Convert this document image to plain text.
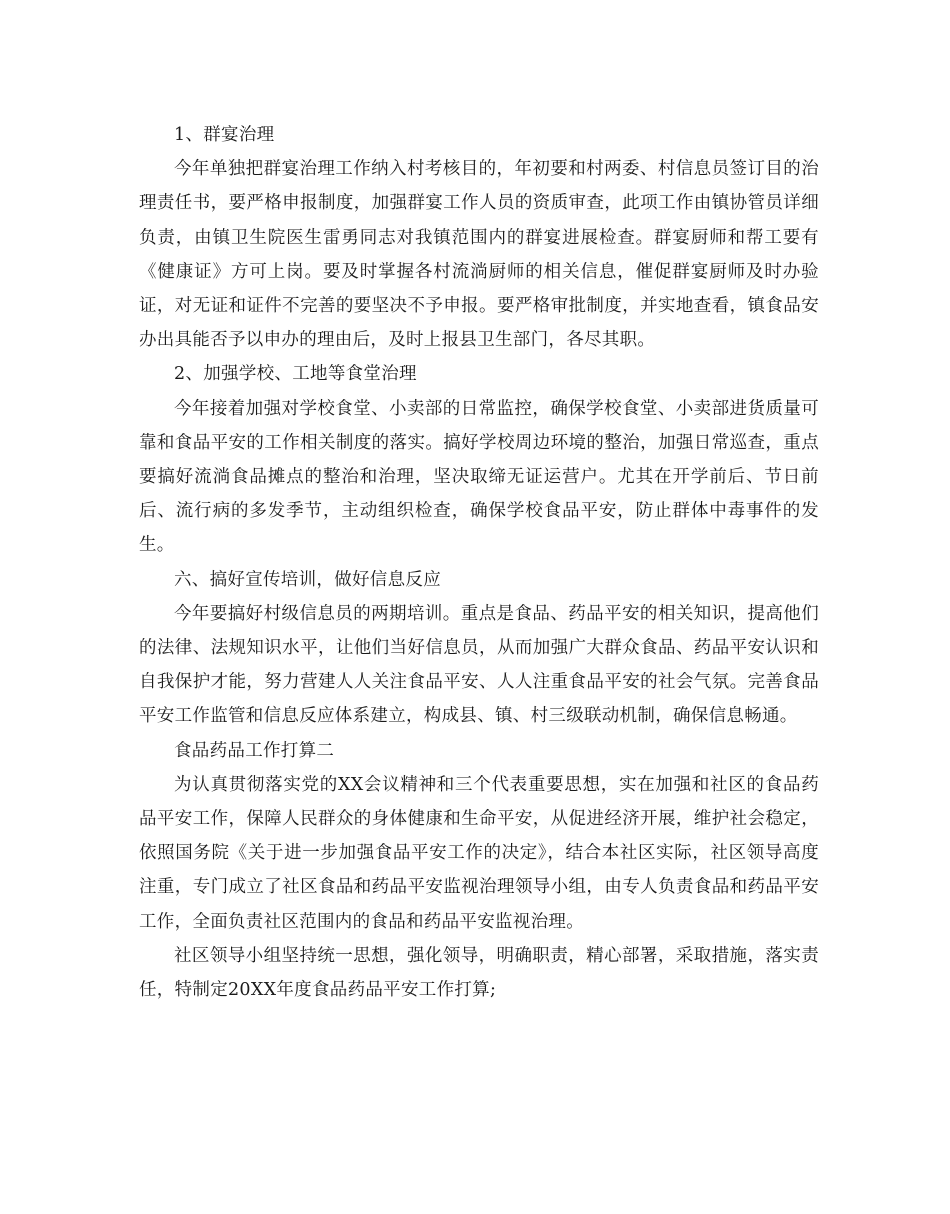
1、群宴治理

今年单独把群宴治理工作纳入村考核目的，年初要和村两委、村信息员签订目的治理责任书，要严格申报制度，加强群宴工作人员的资质审查，此项工作由镇协管员详细负责，由镇卫生院医生雷勇同志对我镇范围内的群宴进展检查。群宴厨师和帮工要有《健康证》方可上岗。要及时掌握各村流淌厨师的相关信息，催促群宴厨师及时办验证，对无证和证件不完善的要坚决不予申报。要严格审批制度，并实地查看，镇食品安办出具能否予以申办的理由后，及时上报县卫生部门，各尽其职。

2、加强学校、工地等食堂治理

今年接着加强对学校食堂、小卖部的日常监控，确保学校食堂、小卖部进货质量可靠和食品平安的工作相关制度的落实。搞好学校周边环境的整治，加强日常巡查，重点要搞好流淌食品摊点的整治和治理，坚决取缔无证运营户。尤其在开学前后、节日前后、流行病的多发季节，主动组织检查，确保学校食品平安，防止群体中毒事件的发生。

六、搞好宣传培训，做好信息反应

今年要搞好村级信息员的两期培训。重点是食品、药品平安的相关知识，提高他们的法律、法规知识水平，让他们当好信息员，从而加强广大群众食品、药品平安认识和自我保护才能，努力营建人人关注食品平安、人人注重食品平安的社会气氛。完善食品平安工作监管和信息反应体系建立，构成县、镇、村三级联动机制，确保信息畅通。

食品药品工作打算二

为认真贯彻落实党的XX会议精神和三个代表重要思想，实在加强和社区的食品药品平安工作，保障人民群众的身体健康和生命平安，从促进经济开展，维护社会稳定，依照国务院《关于进一步加强食品平安工作的决定》，结合本社区实际，社区领导高度注重，专门成立了社区食品和药品平安监视治理领导小组，由专人负责食品和药品平安工作，全面负责社区范围内的食品和药品平安监视治理。

社区领导小组坚持统一思想，强化领导，明确职责，精心部署，采取措施，落实责任，特制定20XX年度食品药品平安工作打算;
